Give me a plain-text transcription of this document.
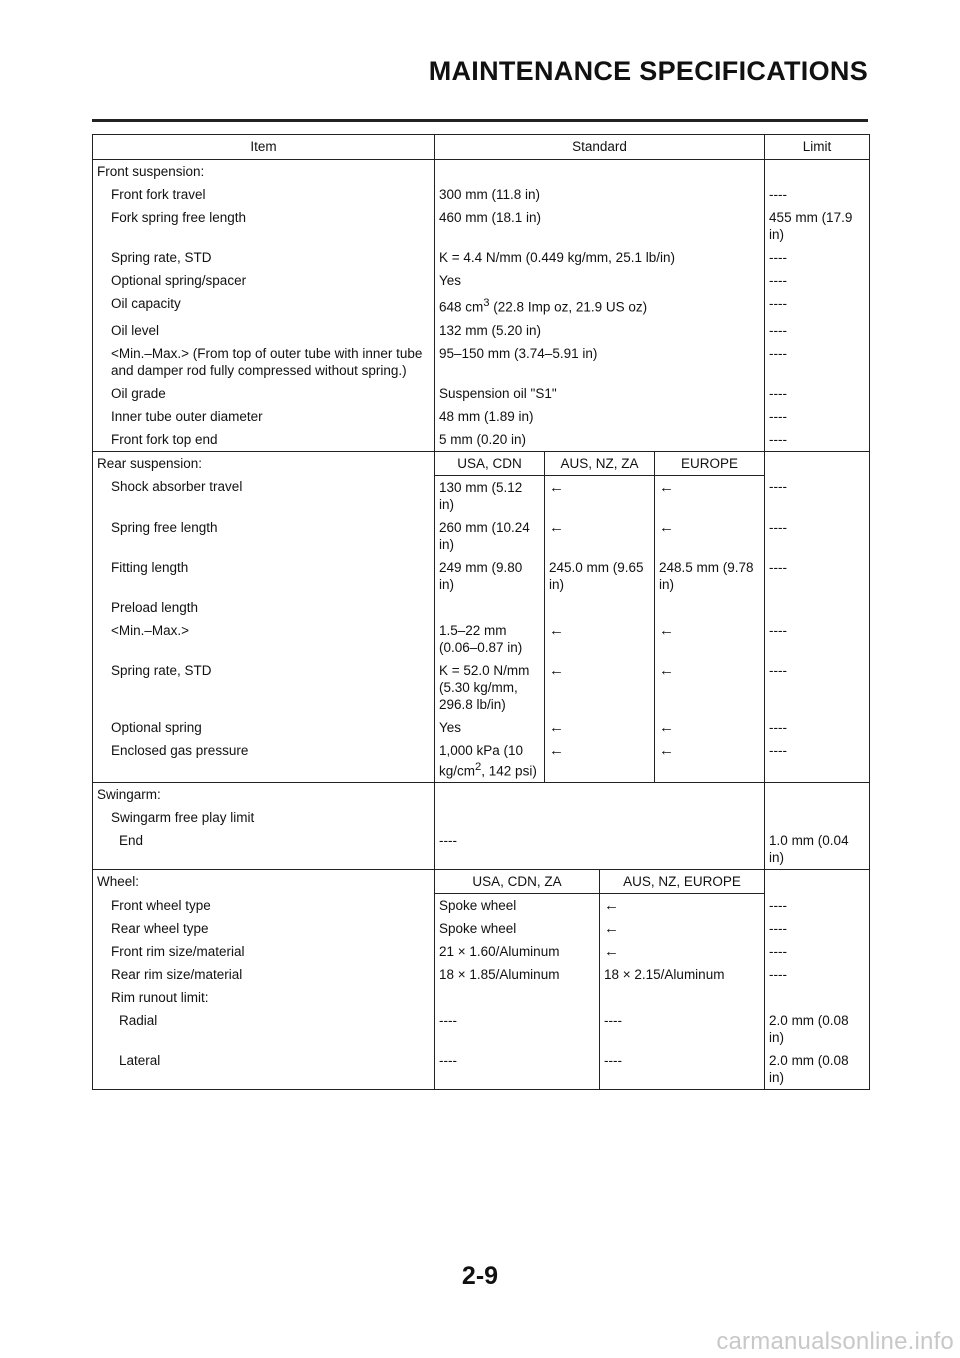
MAINTENANCE SPECIFICATIONS
Item	Standard				Limit
Front suspension:					
Front fork travel	300 mm (11.8 in)				----
Fork spring free length	460 mm (18.1 in)				455 mm (17.9 in)
Spring rate, STD	K = 4.4 N/mm (0.449 kg/mm, 25.1 lb/in)				----
Optional spring/spacer	Yes				----
Oil capacity	648 $cm^3$ (22.8 Imp oz, 21.9 US oz)				----
Oil level	132 mm (5.20 in)				----
<Min.–Max.> (From top of outer tube with inner tube and damper rod fully compressed without spring.)	95–150 mm (3.74–5.91 in)				----
Oil grade	Suspension oil "S1"				----
Inner tube outer diameter	48 mm (1.89 in)				----
Front fork top end	5 mm (0.20 in)				----
Rear suspension:	USA, CDN	AUS, NZ, ZA		EUROPE	
Shock absorber travel	130 mm (5.12 in)	←		←	----
Spring free length	260 mm (10.24 in)	←		←	----
Fitting length	249 mm (9.80 in)	245.0 mm (9.65 in)		248.5 mm (9.78 in)	----
Preload length					
<Min.–Max.>	1.5–22 mm (0.06–0.87 in)	←		←	----
Spring rate, STD	K = 52.0 N/mm (5.30 kg/mm, 296.8 lb/in)	←		←	----
Optional spring	Yes	←		←	----
Enclosed gas pressure	1,000 kPa (10 $kg/cm^2$, 142 psi)	←		←	----
Swingarm:					
Swingarm free play limit					
End	----				1.0 mm (0.04 in)
Wheel:	USA, CDN, ZA		AUS, NZ, EUROPE		
Front wheel type	Spoke wheel		←		----
Rear wheel type	Spoke wheel		←		----
Front rim size/material	21 × 1.60/Aluminum		←		----
Rear rim size/material	18 × 1.85/Aluminum		18 × 2.15/Aluminum		----
Rim runout limit:					
Radial	----		----		2.0 mm (0.08 in)
Lateral	----		----		2.0 mm (0.08 in)
2-9
carmanualsonline.info
